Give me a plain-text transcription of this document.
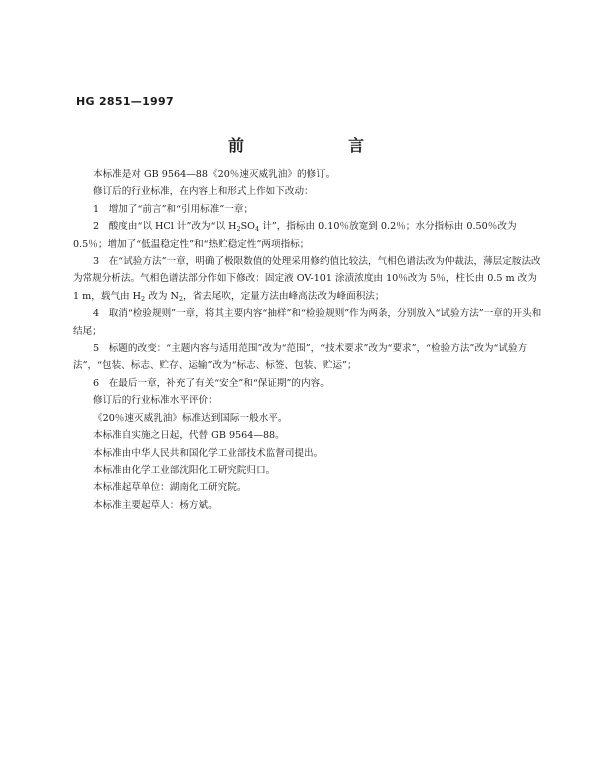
HG 2851—1997
前　言

本标准是对 GB 9564—88《20％速灭威乳油》的修订。

修订后的行业标准，在内容上和形式上作如下改动：

1　增加了“前言”和“引用标准”一章；

2　酸度由“以 HCl 计”改为“以 $H_2SO_4$ 计”，指标由 0.10％放宽到 0.2％；水分指标由 0.50％改为 0.5％；增加了“低温稳定性”和“热贮稳定性”两项指标；

3　在“试验方法”一章，明确了极限数值的处理采用修约值比较法，气相色谱法改为仲裁法，薄层定胺法改为常规分析法。气相色谱法部分作如下修改：固定液 OV-101 涂渍浓度由 10％改为 5％，柱长由 0.5 m 改为 1 m，载气由 $H_2$ 改为 $N_2$，省去尾吹，定量方法由峰高法改为峰面积法；

4　取消“检验规则”一章，将其主要内容“抽样”和“检验规则”作为两条，分别放入“试验方法”一章的开头和结尾；

5　标题的改变：“主题内容与适用范围”改为“范围”，“技术要求”改为“要求”，“检验方法”改为“试验方法”，“包装、标志、贮存、运输”改为“标志、标签、包装、贮运”；

6　在最后一章，补充了有关“安全”和“保证期”的内容。

修订后的行业标准水平评价：

《20％速灭威乳油》标准达到国际一般水平。

本标准自实施之日起，代替 GB 9564—88。

本标准由中华人民共和国化学工业部技术监督司提出。

本标准由化学工业部沈阳化工研究院归口。

本标准起草单位：湖南化工研究院。

本标准主要起草人：杨方斌。
